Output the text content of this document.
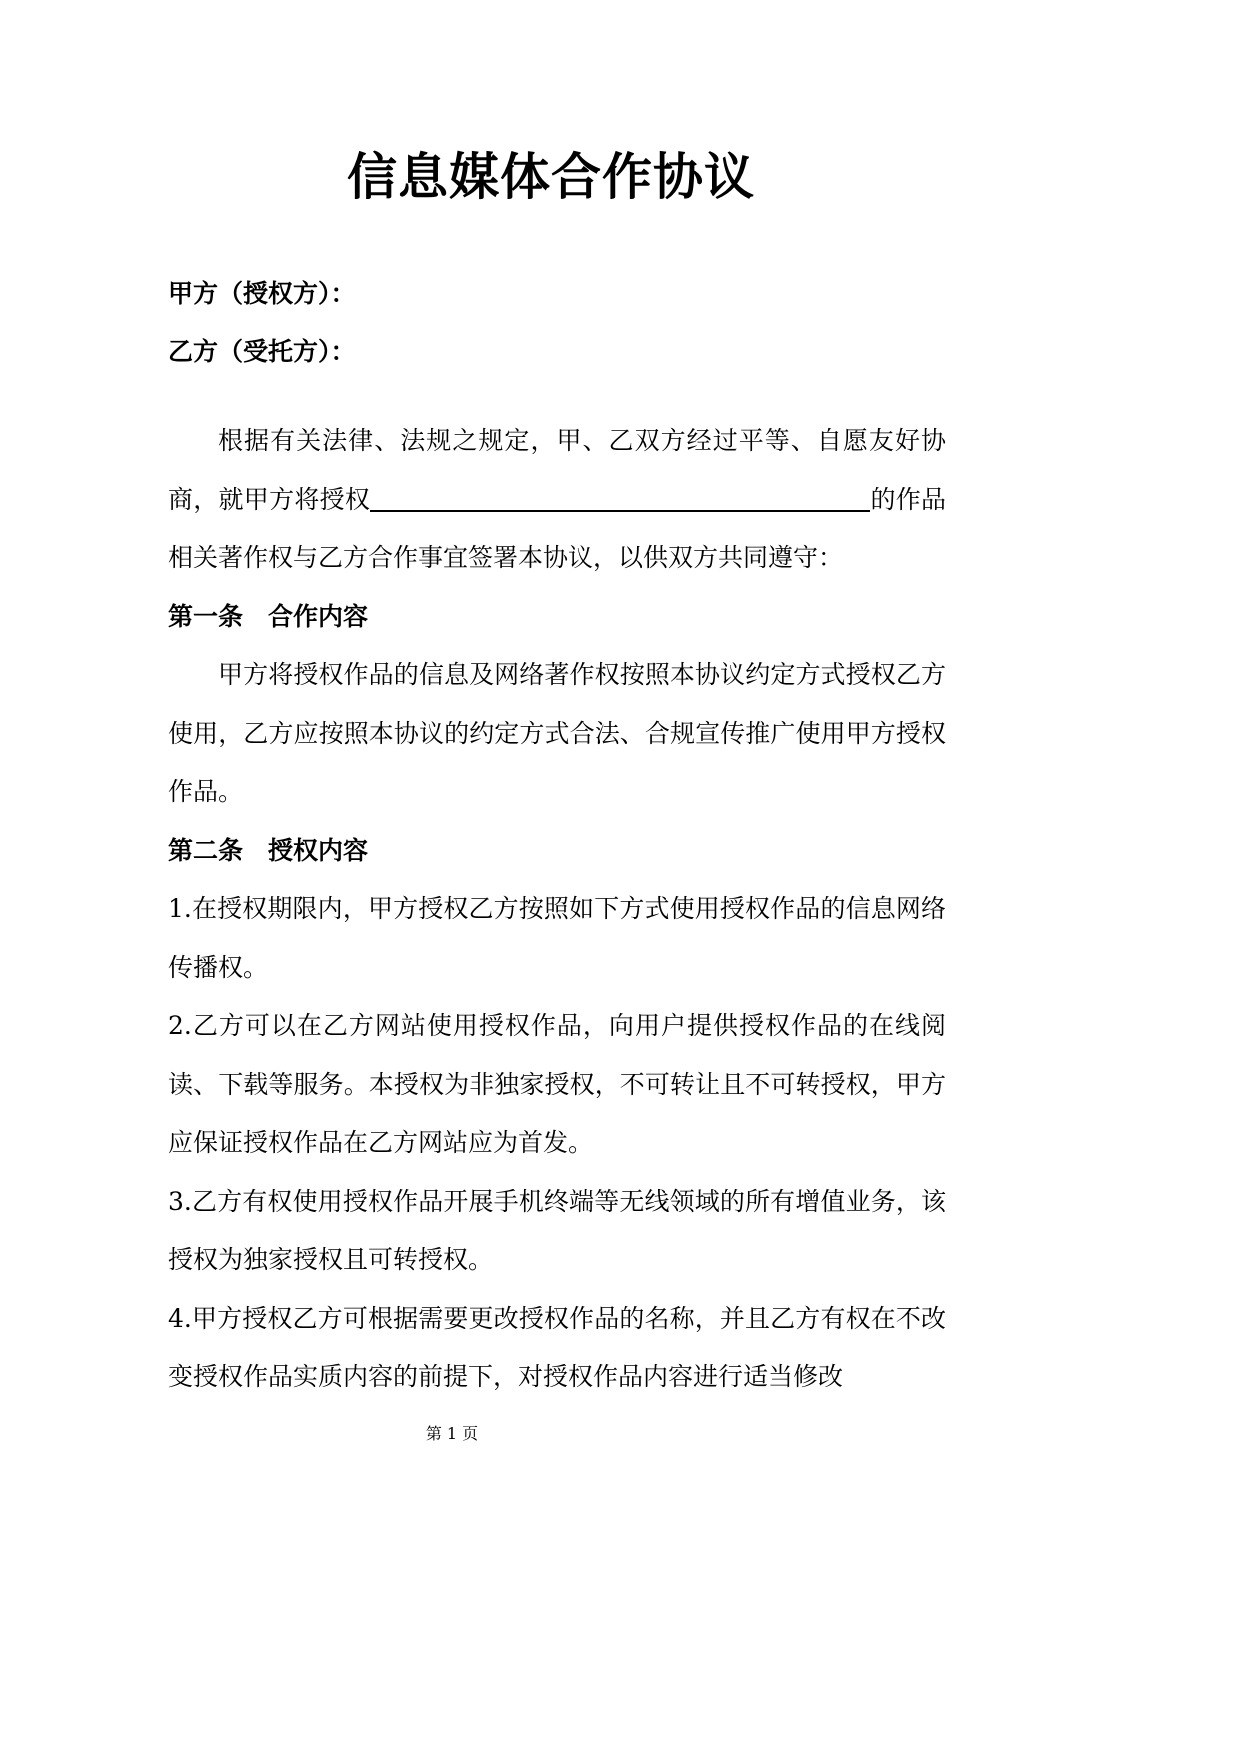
信息媒体合作协议
甲方（授权方）：
乙方（受托方）：

根据有关法律、法规之规定，甲、乙双方经过平等、自愿友好协商，就甲方将授权	的作品相关著作权与乙方合作事宜签署本协议，以供双方共同遵守：

第一条　合作内容

甲方将授权作品的信息及网络著作权按照本协议约定方式授权乙方使用，乙方应按照本协议的约定方式合法、合规宣传推广使用甲方授权作品。

第二条　授权内容

1.在授权期限内，甲方授权乙方按照如下方式使用授权作品的信息网络传播权。

2.乙方可以在乙方网站使用授权作品，向用户提供授权作品的在线阅读、下载等服务。本授权为非独家授权，不可转让且不可转授权，甲方应保证授权作品在乙方网站应为首发。

3.乙方有权使用授权作品开展手机终端等无线领域的所有增值业务，该授权为独家授权且可转授权。

4.甲方授权乙方可根据需要更改授权作品的名称，并且乙方有权在不改变授权作品实质内容的前提下，对授权作品内容进行适当修改

第 1 页
